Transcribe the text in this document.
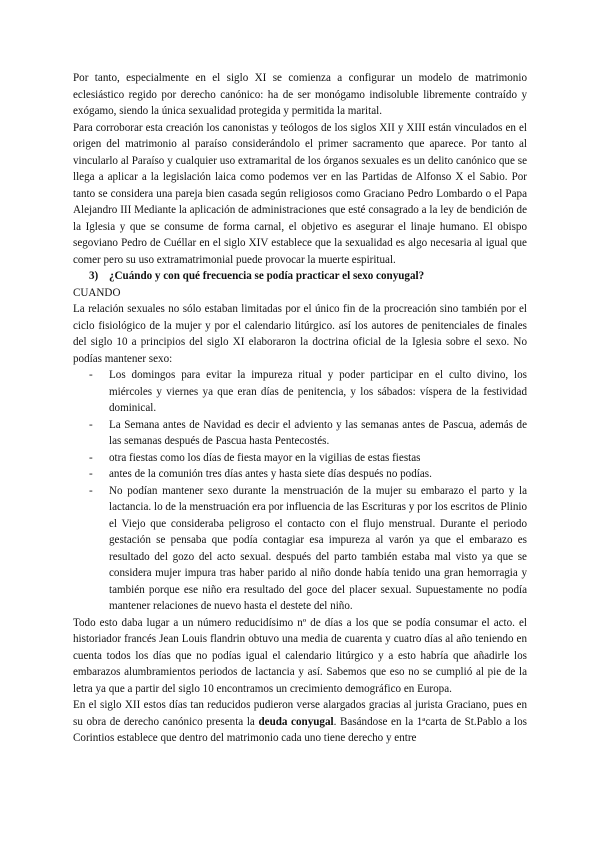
Por tanto, especialmente en el siglo XI se comienza a configurar un modelo de matrimonio eclesiástico regido por derecho canónico: ha de ser monógamo indisoluble libremente contraído y exógamo, siendo la única sexualidad protegida y permitida la marital.

Para corroborar esta creación los canonistas y teólogos de los siglos XII y XIII están vinculados en el origen del matrimonio al paraíso considerándolo el primer sacramento que aparece. Por tanto al vincularlo al Paraíso y cualquier uso extramarital de los órganos sexuales es un delito canónico que se llega a aplicar a la legislación laica como podemos ver en las Partidas de Alfonso X el Sabio. Por tanto se considera una pareja bien casada según religiosos como Graciano Pedro Lombardo o el Papa Alejandro III Mediante la aplicación de administraciones que esté consagrado a la ley de bendición de la Iglesia y que se consume de forma carnal, el objetivo es asegurar el linaje humano. El obispo segoviano Pedro de Cuéllar en el siglo XIV establece que la sexualidad es algo necesaria al igual que comer pero su uso extramatrimonial puede provocar la muerte espiritual.

3) ¿Cuándo y con qué frecuencia se podía practicar el sexo conyugal?

CUANDO

La relación sexuales no sólo estaban limitadas por el único fin de la procreación sino también por el ciclo fisiológico de la mujer y por el calendario litúrgico. así los autores de penitenciales de finales del siglo 10 a principios del siglo XI elaboraron la doctrina oficial de la Iglesia sobre el sexo. No podías mantener sexo:

- Los domingos para evitar la impureza ritual y poder participar en el culto divino, los miércoles y viernes ya que eran días de penitencia, y los sábados: víspera de la festividad dominical.
- La Semana antes de Navidad es decir el adviento y las semanas antes de Pascua, además de las semanas después de Pascua hasta Pentecostés.
- otra fiestas como los días de fiesta mayor en la vigilias de estas fiestas
- antes de la comunión tres días antes y hasta siete días después no podías.
- No podían mantener sexo durante la menstruación de la mujer su embarazo el parto y la lactancia. lo de la menstruación era por influencia de las Escrituras y por los escritos de Plinio el Viejo que consideraba peligroso el contacto con el flujo menstrual. Durante el periodo gestación se pensaba que podía contagiar esa impureza al varón ya que el embarazo es resultado del gozo del acto sexual. después del parto también estaba mal visto ya que se considera mujer impura tras haber parido al niño donde había tenido una gran hemorragia y también porque ese niño era resultado del goce del placer sexual. Supuestamente no podía mantener relaciones de nuevo hasta el destete del niño.

Todo esto daba lugar a un número reducidísimo nº de días a los que se podía consumar el acto. el historiador francés Jean Louis flandrin obtuvo una media de cuarenta y cuatro días al año teniendo en cuenta todos los días que no podías igual el calendario litúrgico y a esto habría que añadirle los embarazos alumbramientos periodos de lactancia y así. Sabemos que eso no se cumplió al pie de la letra ya que a partir del siglo 10 encontramos un crecimiento demográfico en Europa.

En el siglo XII estos días tan reducidos pudieron verse alargados gracias al jurista Graciano, pues en su obra de derecho canónico presenta la deuda conyugal. Basándose en la 1ªcarta de St.Pablo a los Corintios establece que dentro del matrimonio cada uno tiene derecho y entre
